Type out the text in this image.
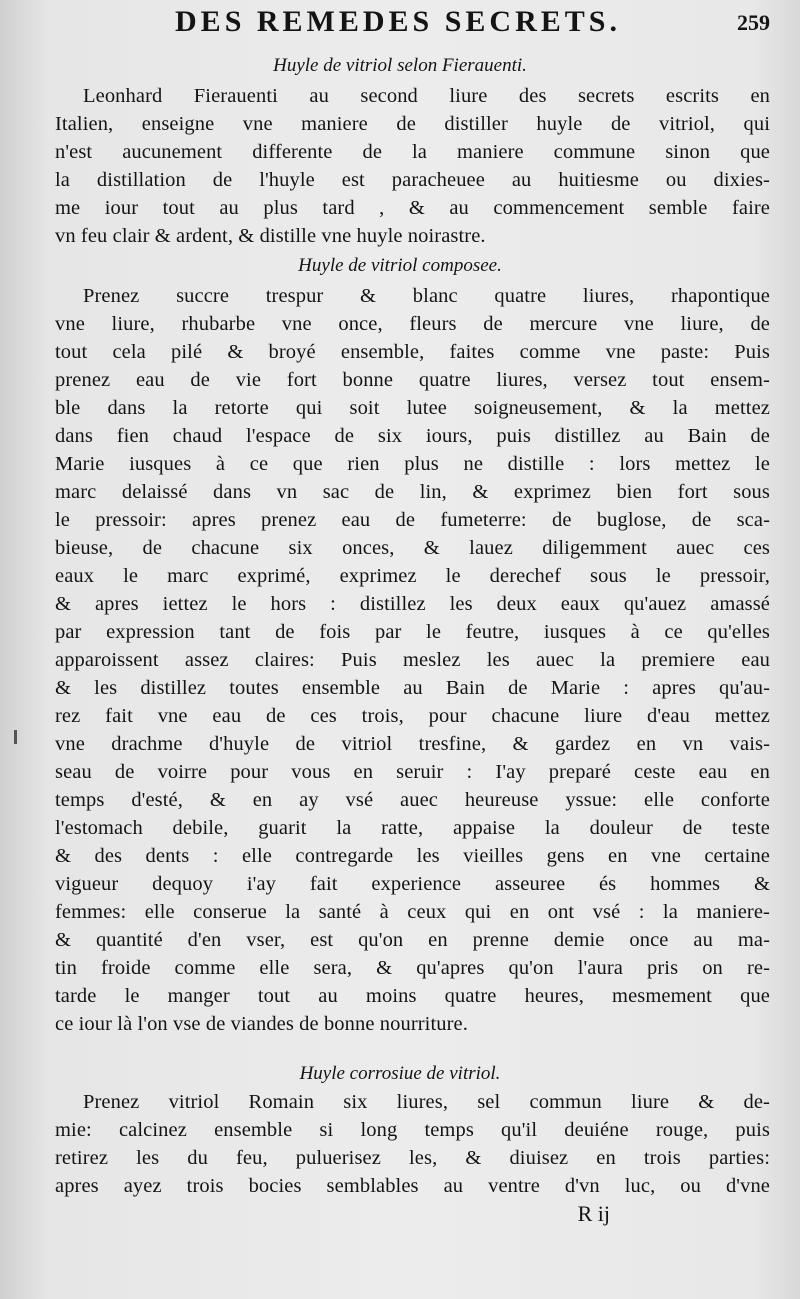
DES REMEDES SECRETS.	259
Huyle de vitriol selon Fierauenti.
Leonhard Fierauenti au second liure des secrets escrits en
Italien, enseigne vne maniere de distiller huyle de vitriol, qui
n'est aucunement differente de la maniere commune sinon que
la distillation de l'huyle est paracheuee au huitiesme ou dixies-
me iour tout au plus tard , & au commencement semble faire
vn feu clair & ardent, & distille vne huyle noirastre.
Huyle de vitriol composee.
Prenez succre trespur & blanc quatre liures, rhapontique
vne liure, rhubarbe vne once, fleurs de mercure vne liure, de
tout cela pilé & broyé ensemble, faites comme vne paste: Puis
prenez eau de vie fort bonne quatre liures, versez tout ensem-
ble dans la retorte qui soit lutee soigneusement, & la mettez
dans fien chaud l'espace de six iours, puis distillez au Bain de
Marie iusques à ce que rien plus ne distille : lors mettez le
marc delaissé dans vn sac de lin, & exprimez bien fort sous
le pressoir: apres prenez eau de fumeterre: de buglose, de sca-
bieuse, de chacune six onces, & lauez diligemment auec ces
eaux le marc exprimé, exprimez le derechef sous le pressoir,
& apres iettez le hors : distillez les deux eaux qu'auez amassé
par expression tant de fois par le feutre, iusques à ce qu'elles
apparoissent assez claires: Puis meslez les auec la premiere eau
& les distillez toutes ensemble au Bain de Marie : apres qu'au-
rez fait vne eau de ces trois, pour chacune liure d'eau mettez
vne drachme d'huyle de vitriol tresfine, & gardez en vn vais-
seau de voirre pour vous en seruir : I'ay preparé ceste eau en
temps d'esté, & en ay vsé auec heureuse yssue: elle conforte
l'estomach debile, guarit la ratte, appaise la douleur de teste
& des dents : elle contregarde les vieilles gens en vne certaine
vigueur dequoy i'ay fait experience asseuree és hommes &
femmes: elle conserue la santé à ceux qui en ont vsé : la maniere-
& quantité d'en vser, est qu'on en prenne demie once au ma-
tin froide comme elle sera, & qu'apres qu'on l'aura pris on re-
tarde le manger tout au moins quatre heures, mesmement que
ce iour là l'on vse de viandes de bonne nourriture.
Huyle corrosiue de vitriol.
Prenez vitriol Romain six liures, sel commun liure & de-
mie: calcinez ensemble si long temps qu'il deuiéne rouge, puis
retirez les du feu, puluerisez les, & diuisez en trois parties:
apres ayez trois bocies semblables au ventre d'vn luc, ou d'vne
R ij
